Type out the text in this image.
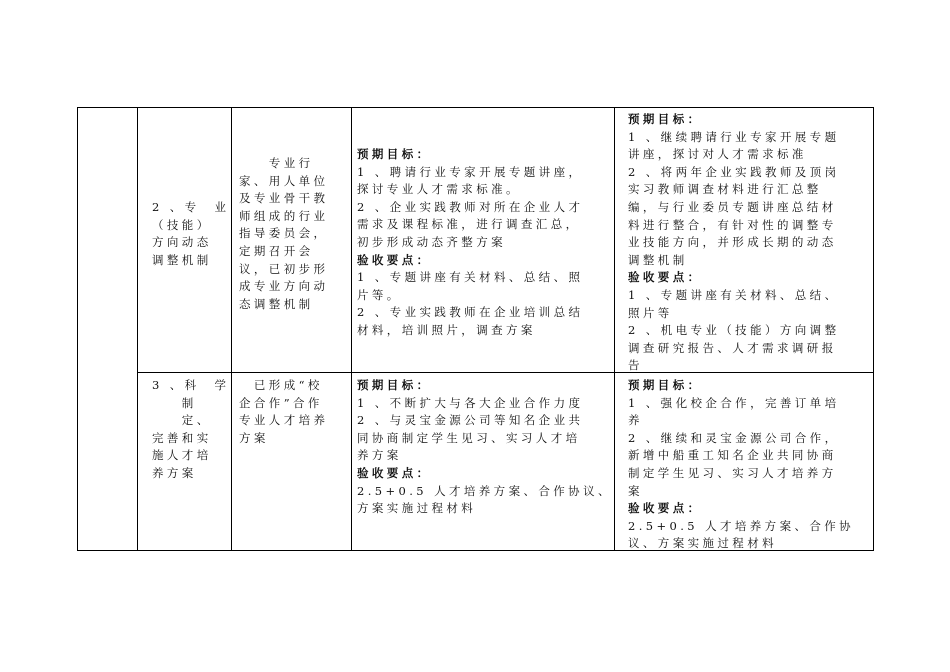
2 、专　业
（技能）
方向动态
调整机制
　　专业行
家、用人单位
及专业骨干教
师组成的行业
指导委员会，
定期召开会
议，已初步形
成专业方向动
态调整机制
预期目标：
1 、聘请行业专家开展专题讲座，
探讨专业人才需求标准。
2 、企业实践教师对所在企业人才
需求及课程标准，进行调查汇总，
初步形成动态齐整方案
验收要点：
1 、专题讲座有关材料、总结、照
片等。
2 、专业实践教师在企业培训总结
材料，培训照片，调查方案
预期目标：
1 、继续聘请行业专家开展专题
讲座，探讨对人才需求标准
2 、将两年企业实践教师及顶岗
实习教师调查材料进行汇总整
编，与行业委员专题讲座总结材
料进行整合，有针对性的调整专
业技能方向，并形成长期的动态
调整机制
验收要点：
1 、专题讲座有关材料、总结、
照片等
2 、机电专业（技能）方向调整
调查研究报告、人才需求调研报
告
3 、科　学
　　制
　　定、
完善和实
施人才培
养方案
　已形成“校
企合作”合作
专业人才培养
方案
预期目标：
1 、不断扩大与各大企业合作力度
2 、与灵宝金源公司等知名企业共
同协商制定学生见习、实习人才培
养方案
验收要点：
2.5+0.5 人才培养方案、合作协议、
方案实施过程材料
预期目标：
1 、强化校企合作，完善订单培
养
2 、继续和灵宝金源公司合作，
新增中船重工知名企业共同协商
制定学生见习、实习人才培养方
案
验收要点：
2.5+0.5 人才培养方案、合作协
议、方案实施过程材料
